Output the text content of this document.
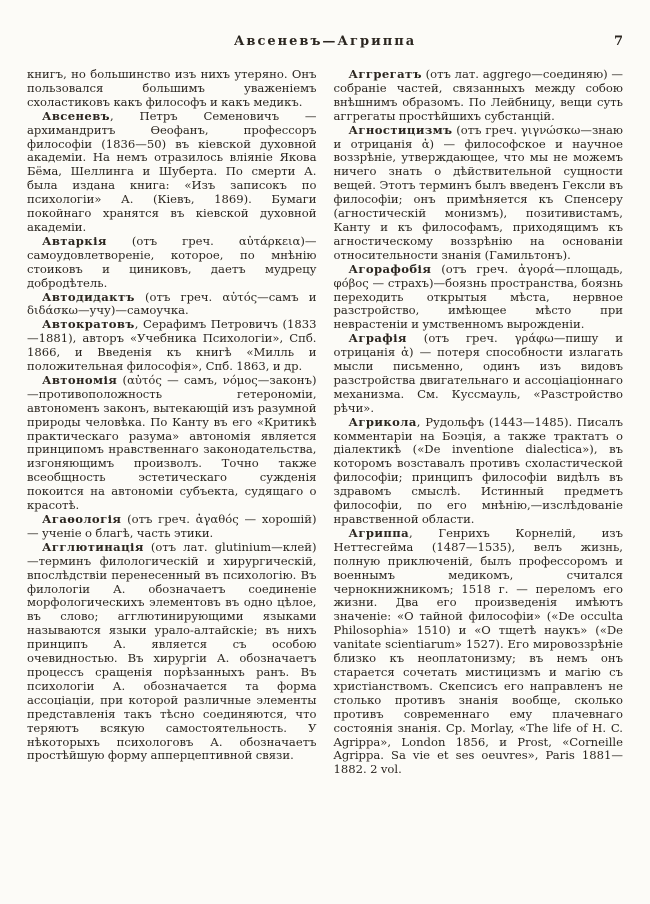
Авсеневъ—Агриппа	7

книгъ, но большинство изъ нихъ утеряно. Онъ пользовался большимъ уваженіемъ схоластиковъ какъ философъ и какъ медикъ.

Авсеневъ, Петръ Семеновичъ — архимандритъ Ѳеофанъ, профессоръ философіи (1836—50) въ кіевской духовной академіи. На немъ отразилось вліяніе Якова Бёма, Шеллинга и Шуберта. По смерти А. была издана книга: «Изъ записокъ по психологіи» А. (Кіевъ, 1869). Бумаги покойнаго хранятся въ кіевской духовной академіи.

Автаркія (отъ греч. αὐτάρκεια)—самоудовлетвореніе, которое, по мнѣнію стоиковъ и циниковъ, даетъ мудрецу добродѣтель.

Автодидактъ (отъ греч. αὐτός—самъ и διδάσκω—учу)—самоучка.

Автократовъ, Серафимъ Петровичъ (1833—1881), авторъ «Учебника Психологіи», Спб. 1866, и Введенія къ книгѣ «Милль и положительная философія», Спб. 1863, и др.

Автономія (αὐτός — самъ, νόμος—законъ)—противоположность гетерономіи, автономенъ законъ, вытекающій изъ разумной природы человѣка. По Канту въ его «Критикѣ практическаго разума» автономія является принципомъ нравственнаго законодательства, изгоняющимъ произволъ. Точно также всеобщность эстетическаго сужденія покоится на автономіи субъекта, судящаго о красотѣ.

Агаѳологія (отъ греч. ἀγαθός — хорошій) — ученіе о благѣ, часть этики.

Агглютинація (отъ лат. glutinium—клей)—терминъ филологическій и хирургическій, впослѣдствіи перенесенный въ психологію. Въ филологіи А. обозначаетъ соединеніе морфологическихъ элементовъ въ одно цѣлое, въ слово; агглютинирующими языками называются языки урало-алтайскіе; въ нихъ принципъ А. является съ особою очевидностью. Въ хирургіи А. обозначаетъ процессъ сращенія порѣзанныхъ ранъ. Въ психологіи А. обозначается та форма ассоціаціи, при которой различные элементы представленія такъ тѣсно соединяются, что теряютъ всякую самостоятельность. У нѣкоторыхъ психологовъ А. обозначаетъ простѣйшую форму апперцептивной связи.

Аггрегатъ (отъ лат. aggrego—соединяю) — собраніе частей, связанныхъ между собою внѣшнимъ образомъ. По Лейбницу, вещи суть аггрегаты простѣйшихъ субстанцій.

Агностицизмъ (отъ греч. γιγνώσκω—знаю и отрицанія ἀ) — философское и научное воззрѣніе, утверждающее, что мы не можемъ ничего знать о дѣйствительной сущности вещей. Этотъ терминъ былъ введенъ Гексли въ философіи; онъ примѣняется къ Спенсеру (агностическій монизмъ), позитивистамъ, Канту и къ философамъ, приходящимъ къ агностическому воззрѣнію на основаніи относительности знанія (Гамильтонъ).

Агорафобія (отъ греч. ἀγορά—площадь, φόβος — страхъ)—боязнь пространства, боязнь переходить открытыя мѣста, нервное разстройство, имѣющее мѣсто при неврастеніи и умственномъ вырожденіи.

Аграфія (отъ греч. γράφω—пишу и отрицанія ἀ) — потеря способности излагать мысли письменно, одинъ изъ видовъ разстройства двигательнаго и ассоціаціоннаго механизма. См. Куссмауль, «Разстройство рѣчи».

Агрикола, Рудольфъ (1443—1485). Писалъ комментаріи на Боэція, а также трактатъ о діалектикѣ («De inventione dialectica»), въ которомъ возставалъ противъ схоластической философіи; принципъ философіи видѣлъ въ здравомъ смыслѣ. Истинный предметъ философіи, по его мнѣнію,—изслѣдованіе нравственной области.

Агриппа, Генрихъ Корнелій, изъ Неттесгейма (1487—1535), велъ жизнь, полную приключеній, былъ профессоромъ и военнымъ медикомъ, считался чернокнижникомъ; 1518 г. — переломъ его жизни. Два его произведенія имѣютъ значеніе: «О тайной философіи» («De occulta Philosophia» 1510) и «О тщетѣ наукъ» («De vanitate scientiarum» 1527). Его мировоззрѣніе близко къ неоплатонизму; въ немъ онъ старается сочетать мистицизмъ и магію съ христіанствомъ. Скепсисъ его направленъ не столько противъ знанія вообще, сколько противъ современнаго ему плачевнаго состоянія знанія. Ср. Morlay, «The life of H. C. Agrippa», London 1856, и Prost, «Corneille Agrippa. Sa vie et ses oeuvres», Paris 1881—1882. 2 vol.
